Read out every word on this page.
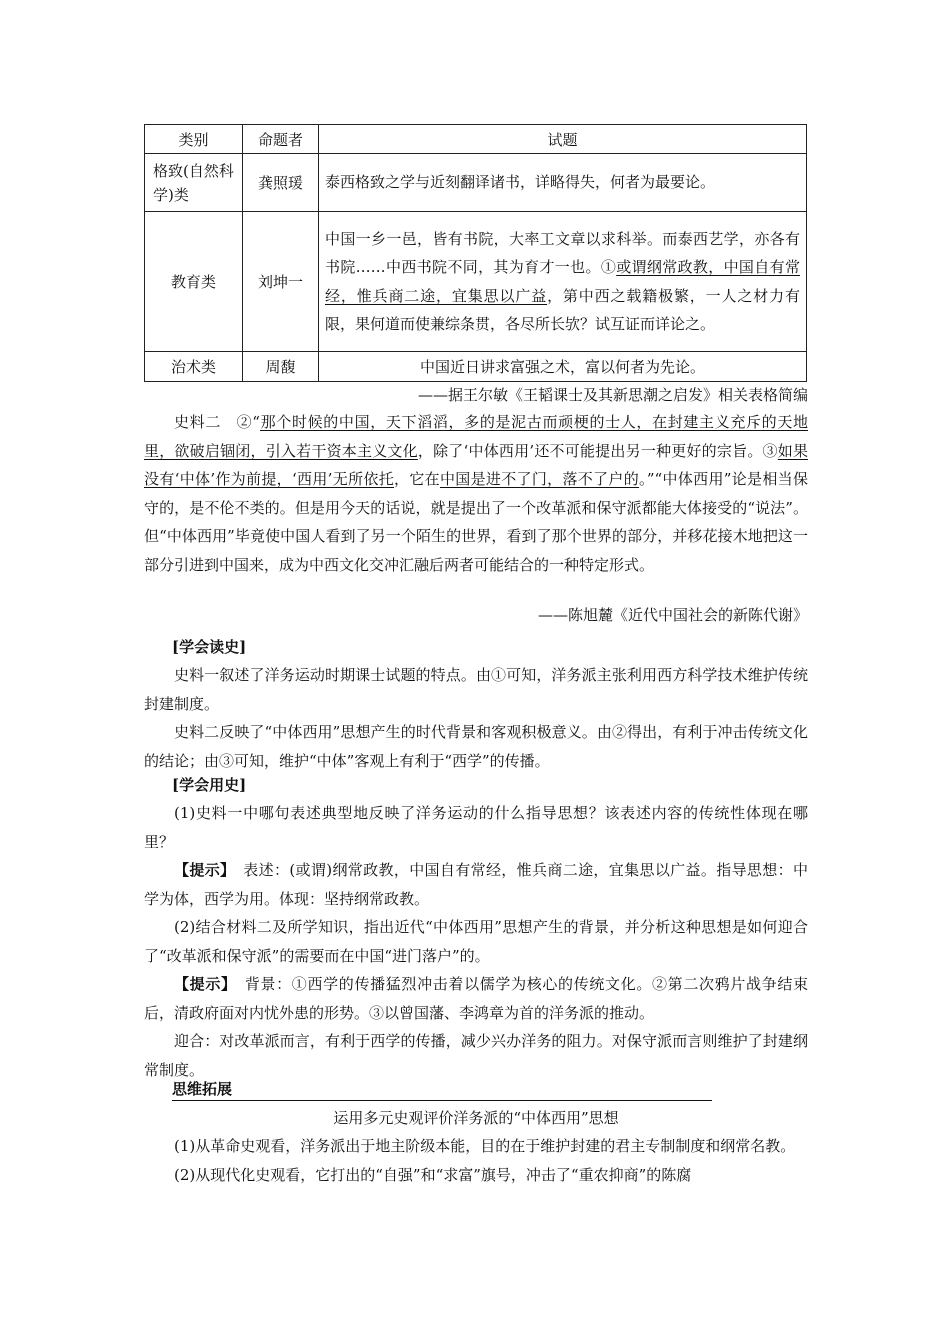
类别	命题者	试题
格致(自然科学)类	龚照瑗	泰西格致之学与近刻翻译诸书，详略得失，何者为最要论。
教育类	刘坤一	中国一乡一邑，皆有书院，大率工文章以求科举。而泰西艺学，亦各有书院……中西书院不同，其为育才一也。①或谓纲常政教，中国自有常经，惟兵商二途，宜集思以广益，第中西之载籍极繁，一人之材力有限，果何道而使兼综条贯，各尽所长欤？试互证而详论之。
治术类	周馥	中国近日讲求富强之术，富以何者为先论。
——据王尔敏《王韬课士及其新思潮之启发》相关表格简编
史料二　②“那个时候的中国，天下滔滔，多的是泥古而顽梗的士人，在封建主义充斥的天地里，欲破启锢闭，引入若干资本主义文化，除了‘中体西用’还不可能提出另一种更好的宗旨。③如果没有‘中体’作为前提，‘西用’无所依托，它在中国是进不了门，落不了户的。”“中体西用”论是相当保守的，是不伦不类的。但是用今天的话说，就是提出了一个改革派和保守派都能大体接受的“说法”。但“中体西用”毕竟使中国人看到了另一个陌生的世界，看到了那个世界的部分，并移花接木地把这一部分引进到中国来，成为中西文化交冲汇融后两者可能结合的一种特定形式。
——陈旭麓《近代中国社会的新陈代谢》
[学会读史]

史料一叙述了洋务运动时期课士试题的特点。由①可知，洋务派主张利用西方科学技术维护传统封建制度。

史料二反映了“中体西用”思想产生的时代背景和客观积极意义。由②得出，有利于冲击传统文化的结论；由③可知，维护“中体”客观上有利于“西学”的传播。

[学会用史]

(1)史料一中哪句表述典型地反映了洋务运动的什么指导思想？该表述内容的传统性体现在哪里？

【提示】　表述：(或谓)纲常政教，中国自有常经，惟兵商二途，宜集思以广益。指导思想：中学为体，西学为用。体现：坚持纲常政教。

(2)结合材料二及所学知识，指出近代“中体西用”思想产生的背景，并分析这种思想是如何迎合了“改革派和保守派”的需要而在中国“进门落户”的。

【提示】　背景：①西学的传播猛烈冲击着以儒学为核心的传统文化。②第二次鸦片战争结束后，清政府面对内忧外患的形势。③以曾国藩、李鸿章为首的洋务派的推动。

迎合：对改革派而言，有利于西学的传播，减少兴办洋务的阻力。对保守派而言则维护了封建纲常制度。

思维拓展
运用多元史观评价洋务派的“中体西用”思想

(1)从革命史观看，洋务派出于地主阶级本能，目的在于维护封建的君主专制制度和纲常名教。

(2)从现代化史观看，它打出的“自强”和“求富”旗号，冲击了“重农抑商”的陈腐
